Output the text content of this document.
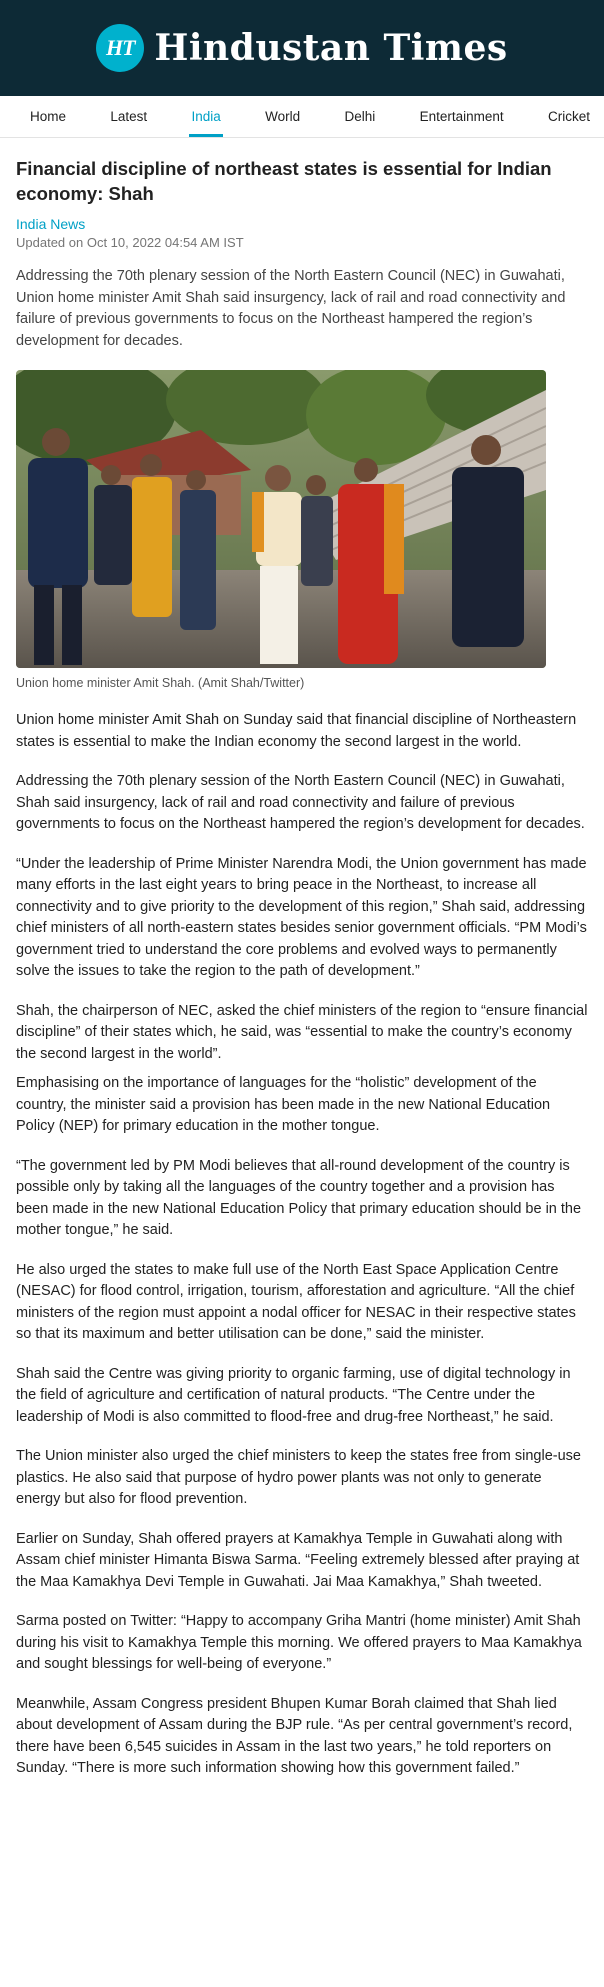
HT Hindustan Times
Home	Latest	India	World	Delhi	Entertainment	Cricket
Financial discipline of northeast states is essential for Indian economy: Shah
India News
Updated on Oct 10, 2022 04:54 AM IST

Addressing the 70th plenary session of the North Eastern Council (NEC) in Guwahati, Union home minister Amit Shah said insurgency, lack of rail and road connectivity and failure of previous governments to focus on the Northeast hampered the region’s development for decades.

Union home minister Amit Shah. (Amit Shah/Twitter)

Union home minister Amit Shah on Sunday said that financial discipline of Northeastern states is essential to make the Indian economy the second largest in the world.

Addressing the 70th plenary session of the North Eastern Council (NEC) in Guwahati, Shah said insurgency, lack of rail and road connectivity and failure of previous governments to focus on the Northeast hampered the region’s development for decades.

“Under the leadership of Prime Minister Narendra Modi, the Union government has made many efforts in the last eight years to bring peace in the Northeast, to increase all connectivity and to give priority to the development of this region,” Shah said, addressing chief ministers of all north-eastern states besides senior government officials. “PM Modi’s government tried to understand the core problems and evolved ways to permanently solve the issues to take the region to the path of development.”

Shah, the chairperson of NEC, asked the chief ministers of the region to “ensure financial discipline” of their states which, he said, was “essential to make the country’s economy the second largest in the world”.

Emphasising on the importance of languages for the “holistic” development of the country, the minister said a provision has been made in the new National Education Policy (NEP) for primary education in the mother tongue.

“The government led by PM Modi believes that all-round development of the country is possible only by taking all the languages of the country together and a provision has been made in the new National Education Policy that primary education should be in the mother tongue,” he said.

He also urged the states to make full use of the North East Space Application Centre (NESAC) for flood control, irrigation, tourism, afforestation and agriculture. “All the chief ministers of the region must appoint a nodal officer for NESAC in their respective states so that its maximum and better utilisation can be done,” said the minister.

Shah said the Centre was giving priority to organic farming, use of digital technology in the field of agriculture and certification of natural products. “The Centre under the leadership of Modi is also committed to flood-free and drug-free Northeast,” he said.

The Union minister also urged the chief ministers to keep the states free from single-use plastics. He also said that purpose of hydro power plants was not only to generate energy but also for flood prevention.

Earlier on Sunday, Shah offered prayers at Kamakhya Temple in Guwahati along with Assam chief minister Himanta Biswa Sarma. “Feeling extremely blessed after praying at the Maa Kamakhya Devi Temple in Guwahati. Jai Maa Kamakhya,” Shah tweeted.

Sarma posted on Twitter: “Happy to accompany Griha Mantri (home minister) Amit Shah during his visit to Kamakhya Temple this morning. We offered prayers to Maa Kamakhya and sought blessings for well-being of everyone.”

Meanwhile, Assam Congress president Bhupen Kumar Borah claimed that Shah lied about development of Assam during the BJP rule. “As per central government’s record, there have been 6,545 suicides in Assam in the last two years,” he told reporters on Sunday. “There is more such information showing how this government failed.”
